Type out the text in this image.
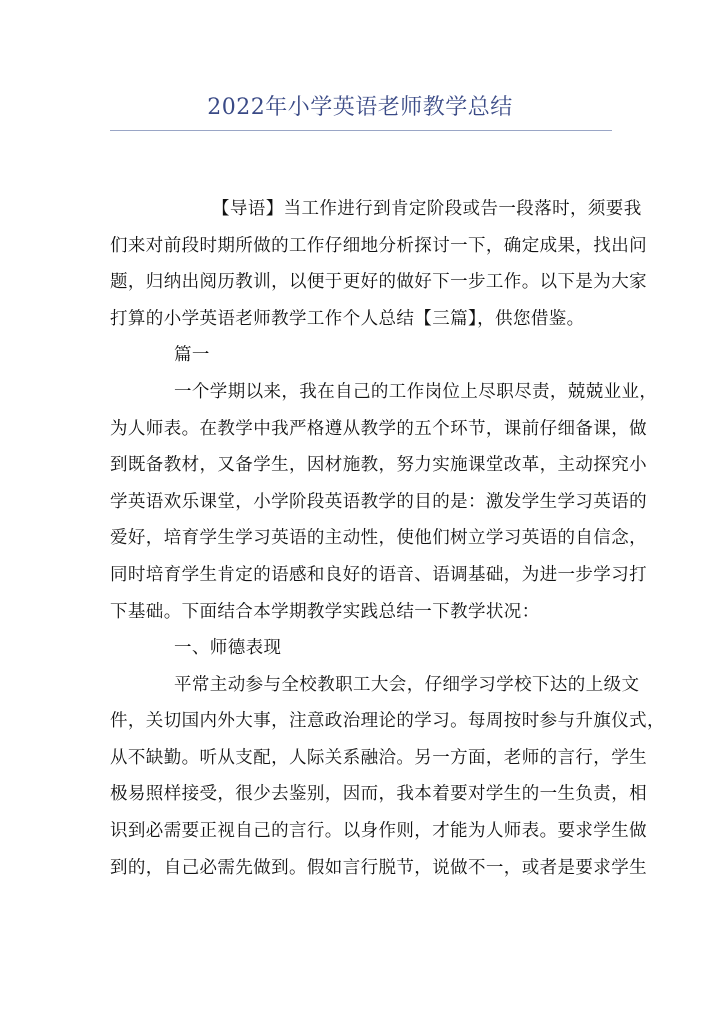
2022年小学英语老师教学总结
【导语】当工作进行到肯定阶段或告一段落时，须要我
们来对前段时期所做的工作仔细地分析探讨一下，确定成果，找出问
题，归纳出阅历教训，以便于更好的做好下一步工作。以下是为大家
打算的小学英语老师教学工作个人总结【三篇】，供您借鉴。
篇一
一个学期以来，我在自己的工作岗位上尽职尽责，兢兢业业，
为人师表。在教学中我严格遵从教学的五个环节，课前仔细备课，做
到既备教材，又备学生，因材施教，努力实施课堂改革，主动探究小
学英语欢乐课堂，小学阶段英语教学的目的是：激发学生学习英语的
爱好，培育学生学习英语的主动性，使他们树立学习英语的自信念，
同时培育学生肯定的语感和良好的语音、语调基础，为进一步学习打
下基础。下面结合本学期教学实践总结一下教学状况：
一、师德表现
平常主动参与全校教职工大会，仔细学习学校下达的上级文
件，关切国内外大事，注意政治理论的学习。每周按时参与升旗仪式，
从不缺勤。听从支配，人际关系融洽。另一方面，老师的言行，学生
极易照样接受，很少去鉴别，因而，我本着要对学生的一生负责，相
识到必需要正视自己的言行。以身作则，才能为人师表。要求学生做
到的，自己必需先做到。假如言行脱节，说做不一，或者是要求学生
